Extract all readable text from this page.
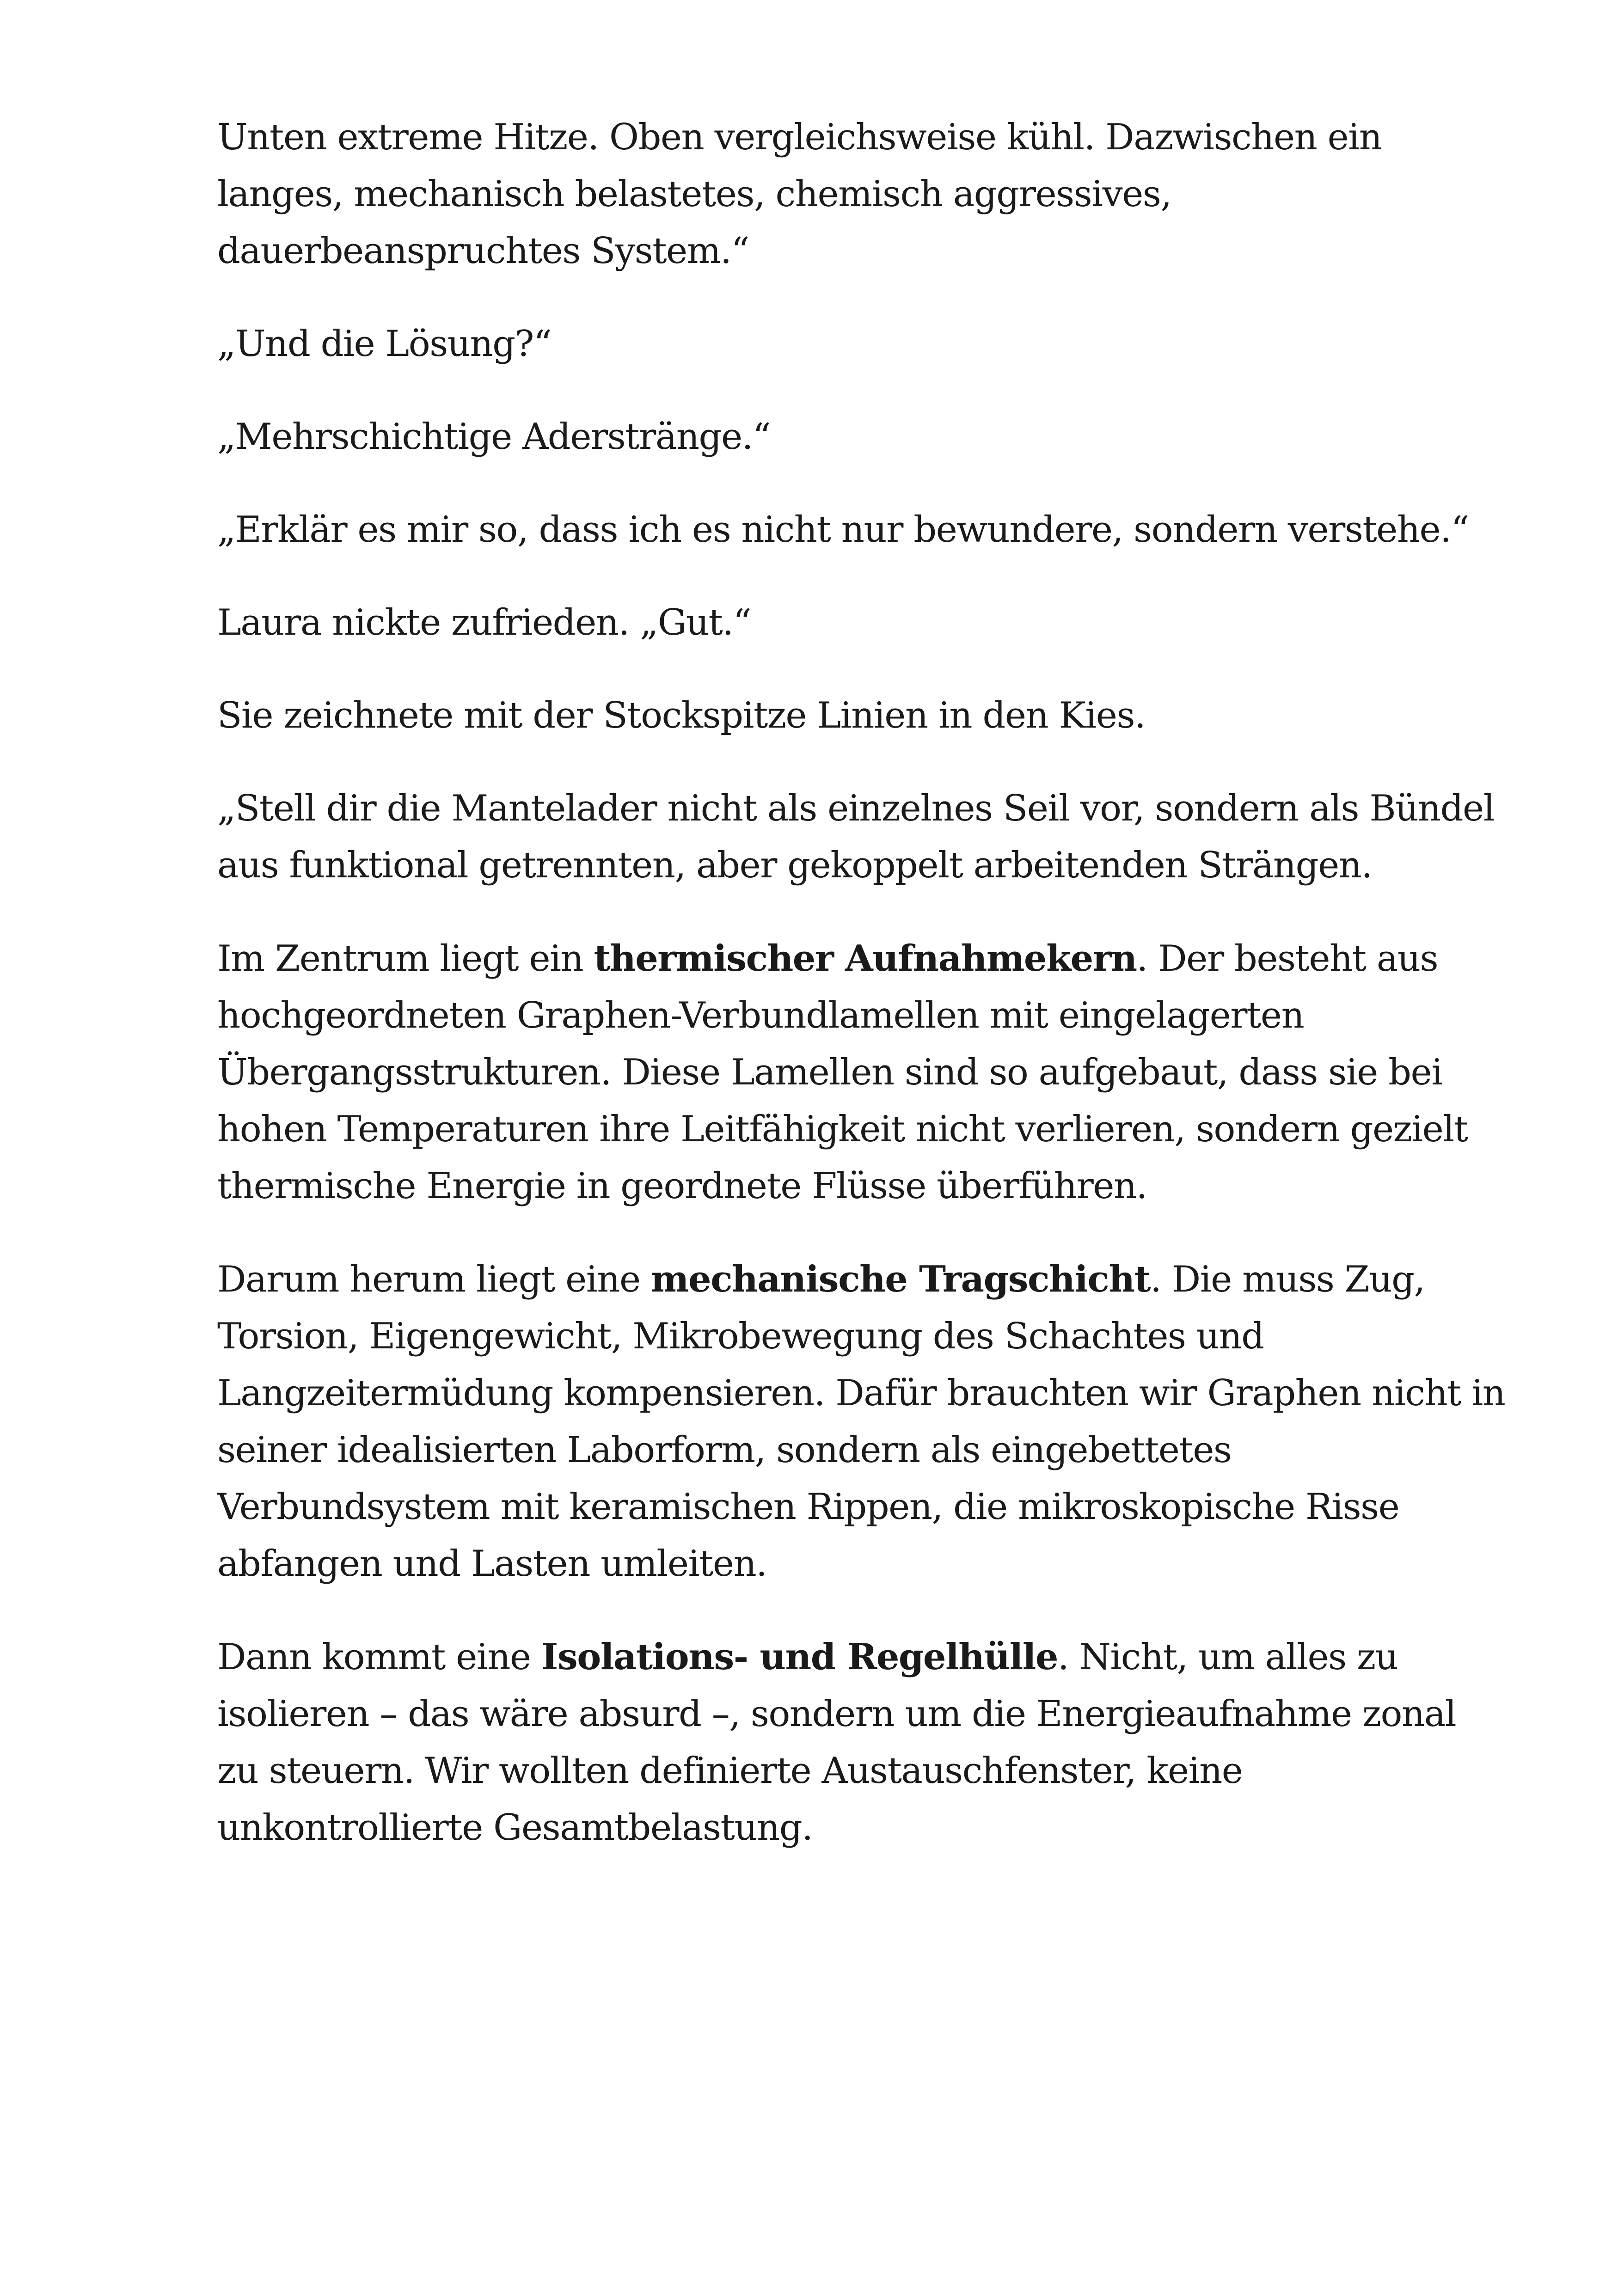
Unten extreme Hitze. Oben vergleichsweise kühl. Dazwischen ein langes, mechanisch belastetes, chemisch aggressives, dauerbeanspruchtes System.“

„Und die Lösung?“

„Mehrschichtige Aderstränge.“

„Erklär es mir so, dass ich es nicht nur bewundere, sondern verstehe.“

Laura nickte zufrieden. „Gut.“

Sie zeichnete mit der Stockspitze Linien in den Kies.

„Stell dir die Mantelader nicht als einzelnes Seil vor, sondern als Bündel aus funktional getrennten, aber gekoppelt arbeitenden Strängen.

Im Zentrum liegt ein thermischer Aufnahmekern. Der besteht aus hochgeordneten Graphen-Verbundlamellen mit eingelagerten Übergangsstrukturen. Diese Lamellen sind so aufgebaut, dass sie bei hohen Temperaturen ihre Leitfähigkeit nicht verlieren, sondern gezielt thermische Energie in geordnete Flüsse überführen.

Darum herum liegt eine mechanische Tragschicht. Die muss Zug, Torsion, Eigengewicht, Mikrobewegung des Schachtes und Langzeitermüdung kompensieren. Dafür brauchten wir Graphen nicht in seiner idealisierten Laborform, sondern als eingebettetes Verbundsystem mit keramischen Rippen, die mikroskopische Risse abfangen und Lasten umleiten.

Dann kommt eine Isolations- und Regelhülle. Nicht, um alles zu isolieren – das wäre absurd –, sondern um die Energieaufnahme zonal zu steuern. Wir wollten definierte Austauschfenster, keine unkontrollierte Gesamtbelastung.
